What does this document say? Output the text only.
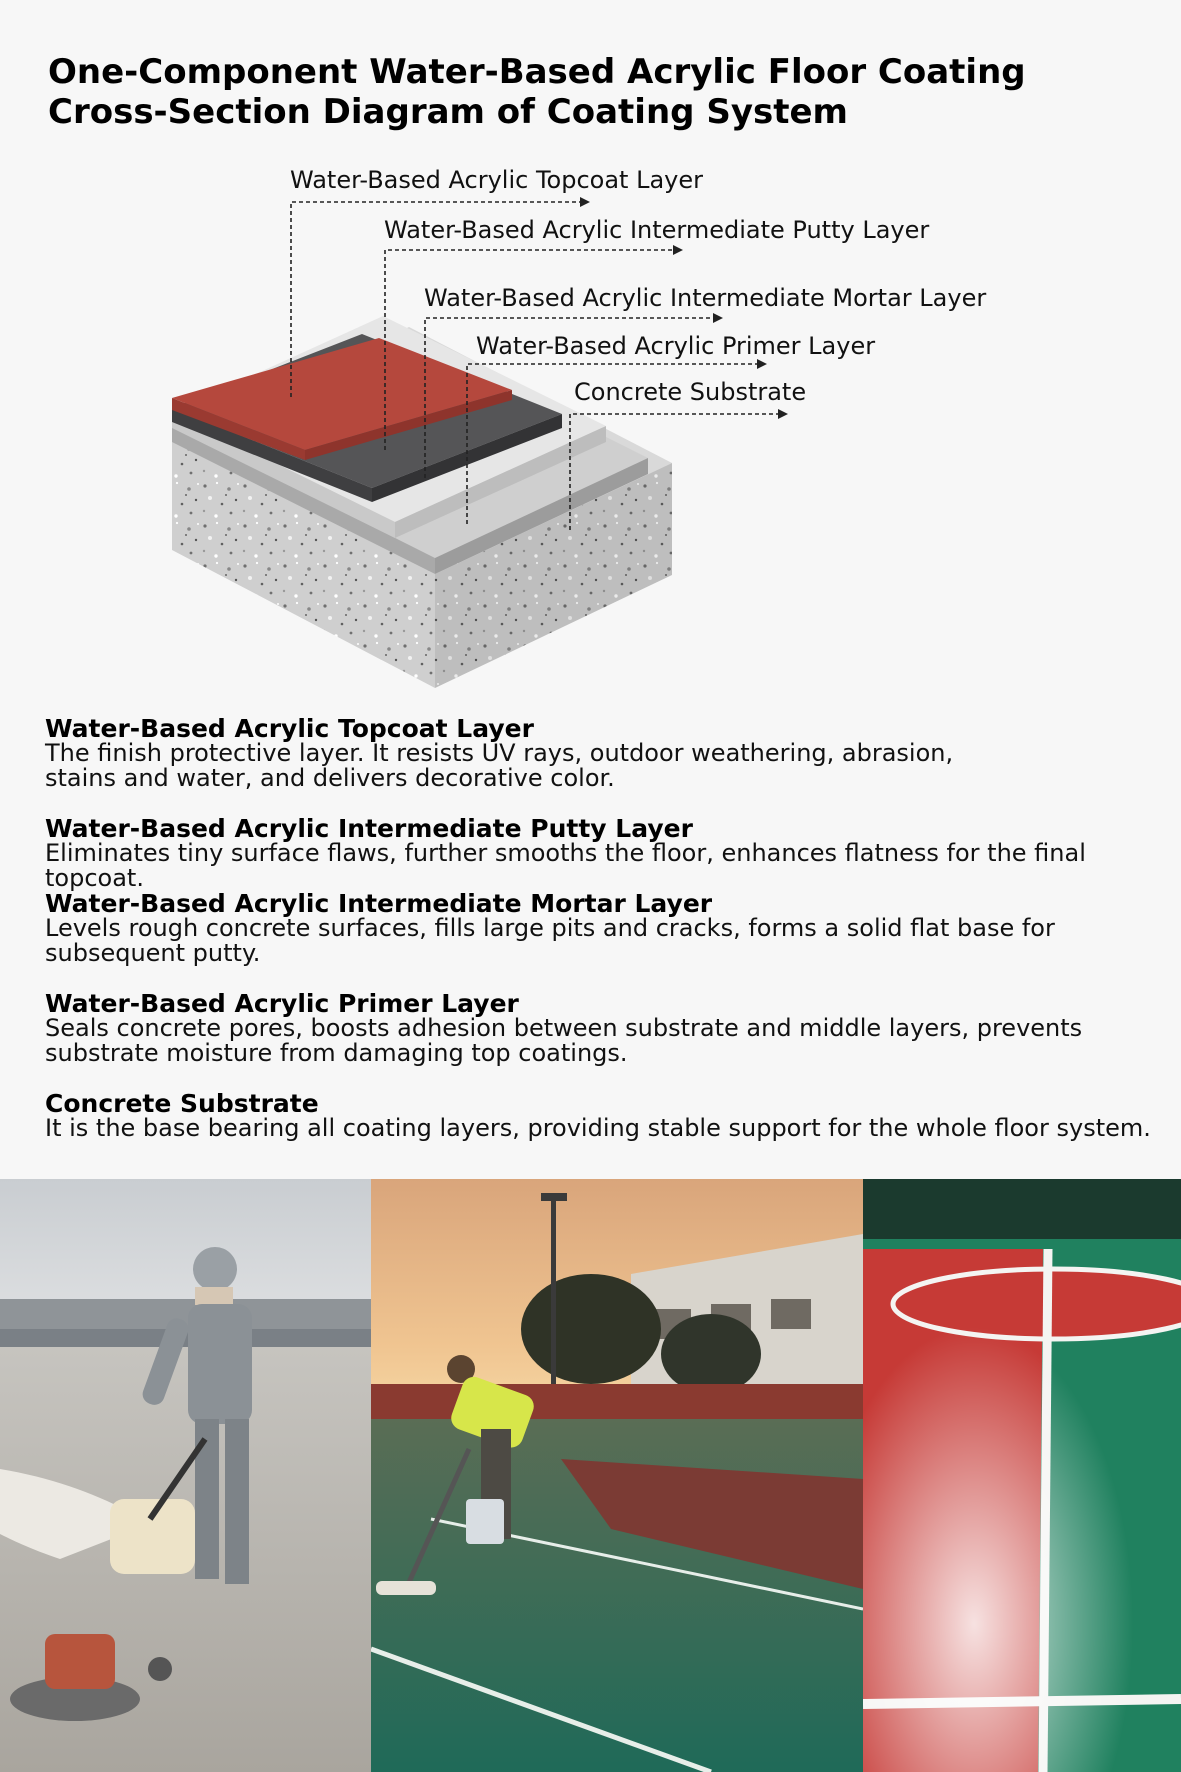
One-Component Water-Based Acrylic Floor Coating
Cross-Section Diagram of Coating System
Water-Based Acrylic Topcoat Layer
Water-Based Acrylic Intermediate Putty Layer
Water-Based Acrylic Intermediate Mortar Layer
Water-Based Acrylic Primer Layer
Concrete Substrate
Water-Based Acrylic Topcoat Layer

The finish protective layer. It resists UV rays, outdoor weathering, abrasion,
stains and water, and delivers decorative color.

Water-Based Acrylic Intermediate Putty Layer

Eliminates tiny surface flaws, further smooths the floor, enhances flatness for the final topcoat.

Water-Based Acrylic Intermediate Mortar Layer

Levels rough concrete surfaces, fills large pits and cracks, forms a solid flat base for
subsequent putty.

Water-Based Acrylic Primer Layer

Seals concrete pores, boosts adhesion between substrate and middle layers, prevents
substrate moisture from damaging top coatings.

Concrete Substrate

It is the base bearing all coating layers, providing stable support for the whole floor system.
